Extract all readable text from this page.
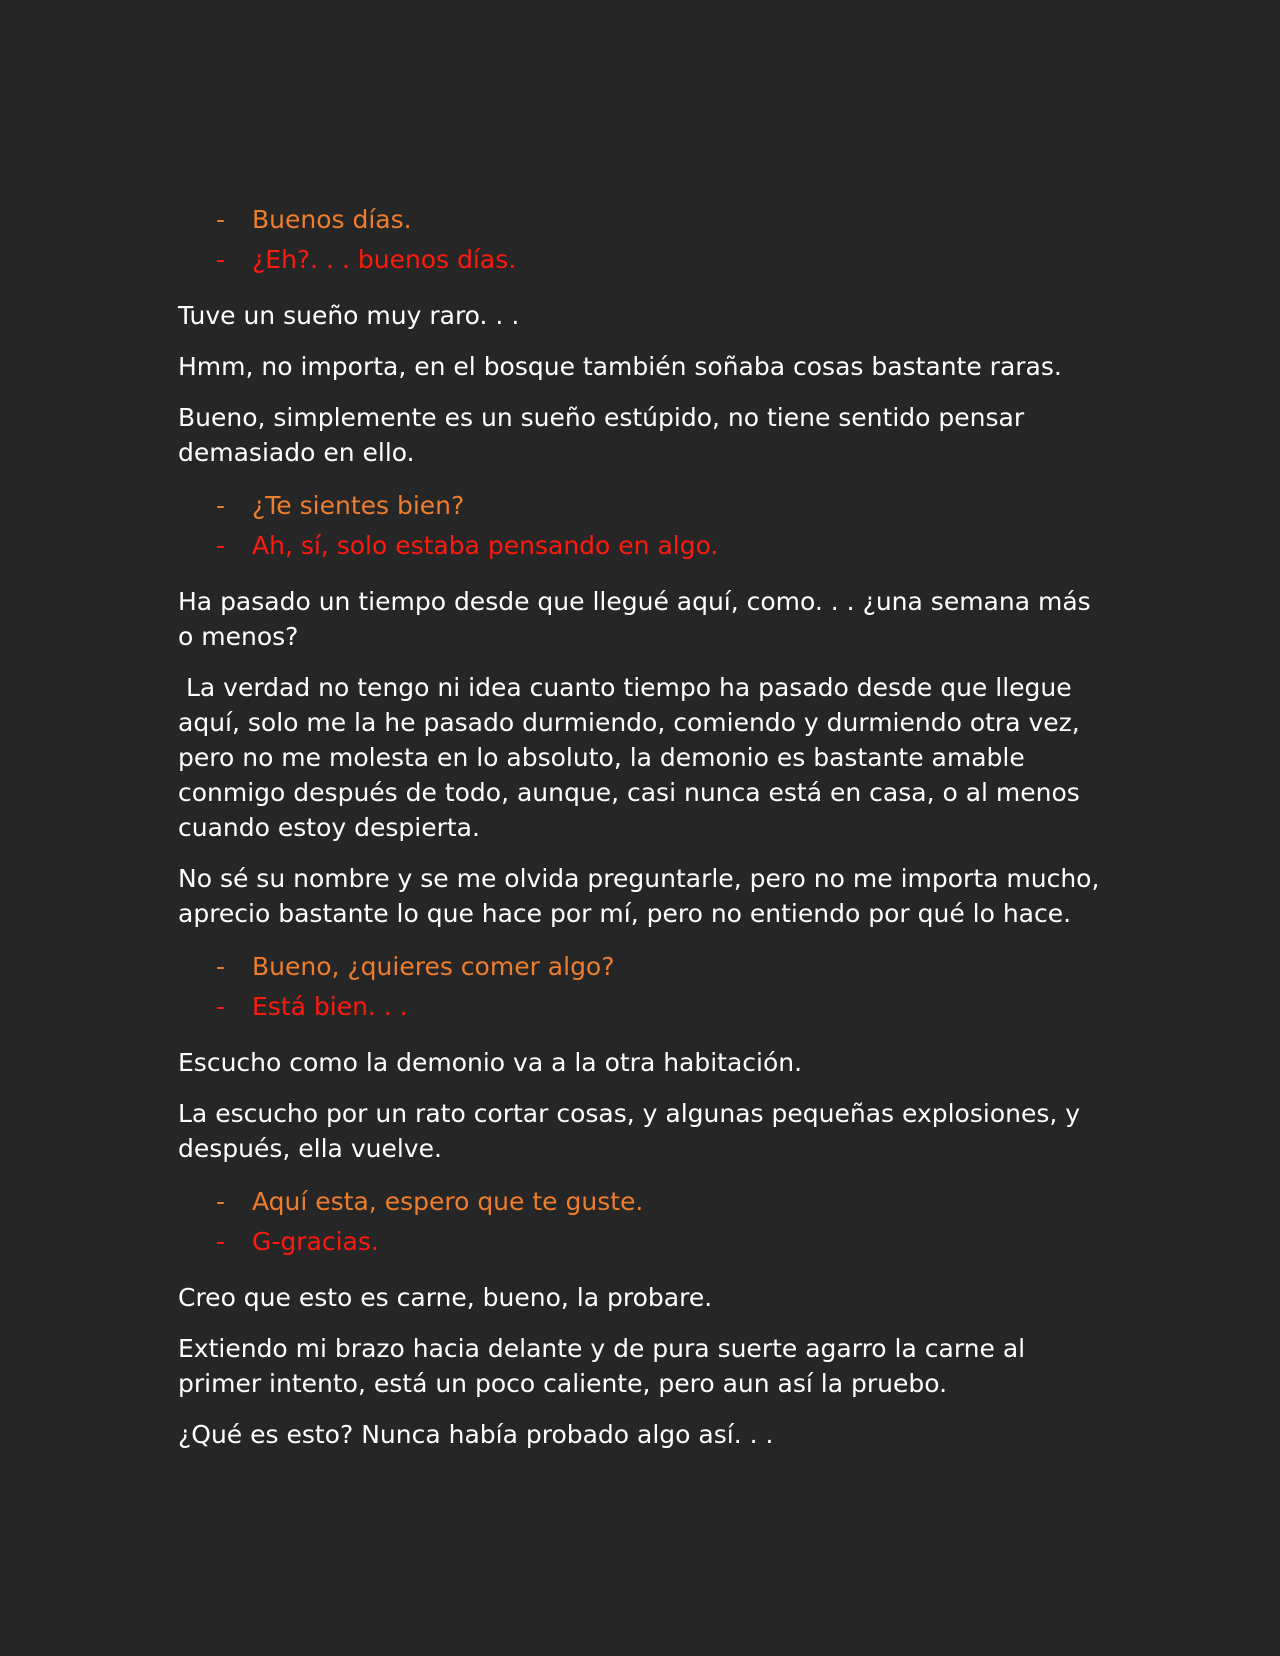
-	Buenos días.
-	¿Eh?. . . buenos días.

Tuve un sueño muy raro. . .

Hmm, no importa, en el bosque también soñaba cosas bastante raras.

Bueno, simplemente es un sueño estúpido, no tiene sentido pensar demasiado en ello.

-	¿Te sientes bien?
-	Ah, sí, solo estaba pensando en algo.

Ha pasado un tiempo desde que llegué aquí, como. . . ¿una semana más o menos?

La verdad no tengo ni idea cuanto tiempo ha pasado desde que llegue aquí, solo me la he pasado durmiendo, comiendo y durmiendo otra vez, pero no me molesta en lo absoluto, la demonio es bastante amable conmigo después de todo, aunque, casi nunca está en casa, o al menos cuando estoy despierta.

No sé su nombre y se me olvida preguntarle, pero no me importa mucho, aprecio bastante lo que hace por mí, pero no entiendo por qué lo hace.

-	Bueno, ¿quieres comer algo?
-	Está bien. . .

Escucho como la demonio va a la otra habitación.

La escucho por un rato cortar cosas, y algunas pequeñas explosiones, y después, ella vuelve.

-	Aquí esta, espero que te guste.
-	G-gracias.

Creo que esto es carne, bueno, la probare.

Extiendo mi brazo hacia delante y de pura suerte agarro la carne al primer intento, está un poco caliente, pero aun así la pruebo.

¿Qué es esto? Nunca había probado algo así. . .
